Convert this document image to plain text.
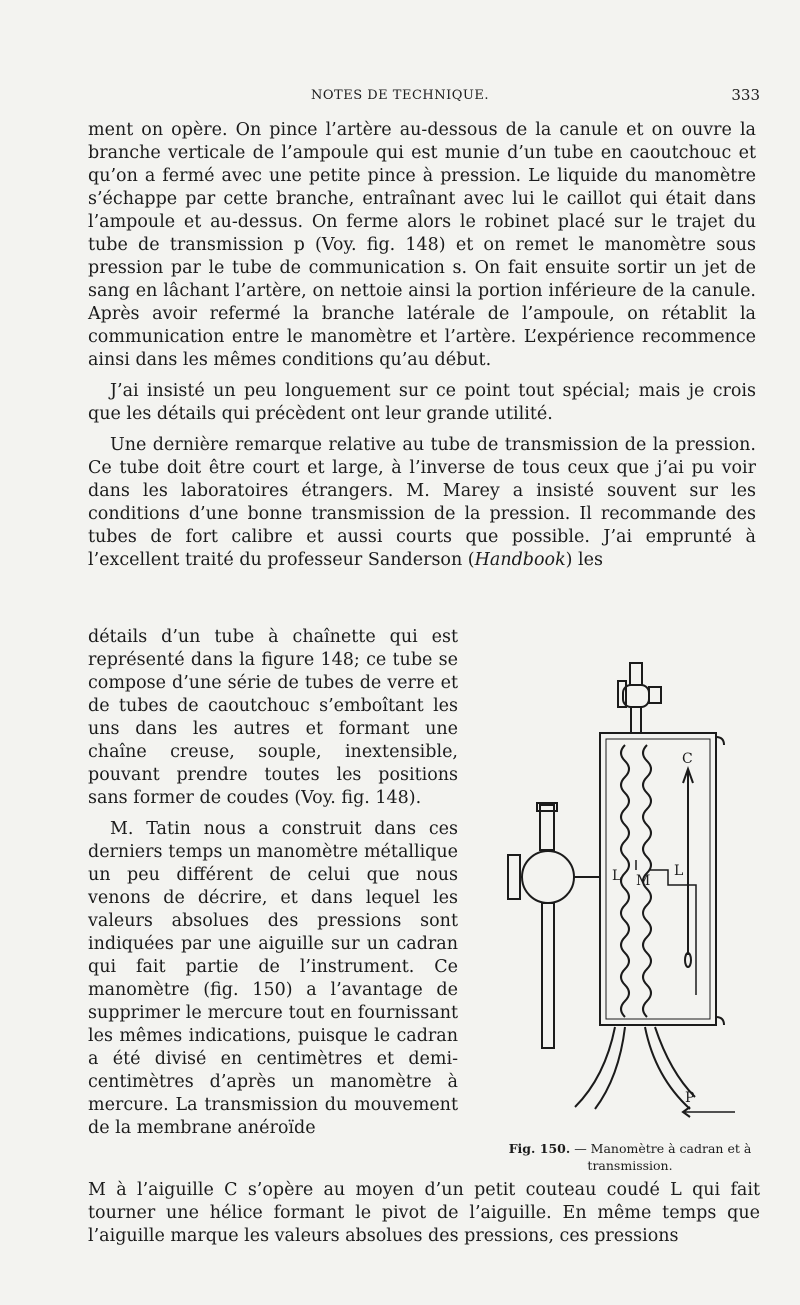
NOTES DE TECHNIQUE.	333

ment on opère. On pince l’artère au-dessous de la canule et on ouvre la branche verticale de l’ampoule qui est munie d’un tube en caoutchouc et qu’on a fermé avec une petite pince à pression. Le liquide du manomètre s’échappe par cette branche, entraînant avec lui le caillot qui était dans l’ampoule et au-dessus. On ferme alors le robinet placé sur le trajet du tube de transmission p (Voy. fig. 148) et on remet le manomètre sous pression par le tube de communication s. On fait ensuite sortir un jet de sang en lâchant l’artère, on nettoie ainsi la portion inférieure de la canule. Après avoir refermé la branche latérale de l’ampoule, on rétablit la communication entre le manomètre et l’artère. L’expérience recommence ainsi dans les mêmes conditions qu’au début.

J’ai insisté un peu longuement sur ce point tout spécial; mais je crois que les détails qui précèdent ont leur grande utilité.

Une dernière remarque relative au tube de transmission de la pression. Ce tube doit être court et large, à l’inverse de tous ceux que j’ai pu voir dans les laboratoires étrangers. M. Marey a insisté souvent sur les conditions d’une bonne transmission de la pression. Il recommande des tubes de fort calibre et aussi courts que possible. J’ai emprunté à l’excellent traité du professeur Sanderson (Handbook) les

détails d’un tube à chaînette qui est représenté dans la figure 148; ce tube se compose d’une série de tubes de verre et de tubes de caoutchouc s’emboîtant les uns dans les autres et formant une chaîne creuse, souple, inextensible, pouvant prendre toutes les positions sans former de coudes (Voy. fig. 148).

M. Tatin nous a construit dans ces derniers temps un manomètre métallique un peu différent de celui que nous venons de décrire, et dans lequel les valeurs absolues des pressions sont indiquées par une aiguille sur un cadran qui fait partie de l’instrument. Ce manomètre (fig. 150) a l’avantage de supprimer le mercure tout en fournissant les mêmes indications, puisque le cadran a été divisé en centimètres et demi-centimètres d’après un manomètre à mercure. La transmission du mouvement de la membrane anéroïde

C
L M
L
P
Fig. 150. — Manomètre à cadran et à transmission.

M à l’aiguille C s’opère au moyen d’un petit couteau coudé L qui fait tourner une hélice formant le pivot de l’aiguille. En même temps que l’aiguille marque les valeurs absolues des pressions, ces pressions
